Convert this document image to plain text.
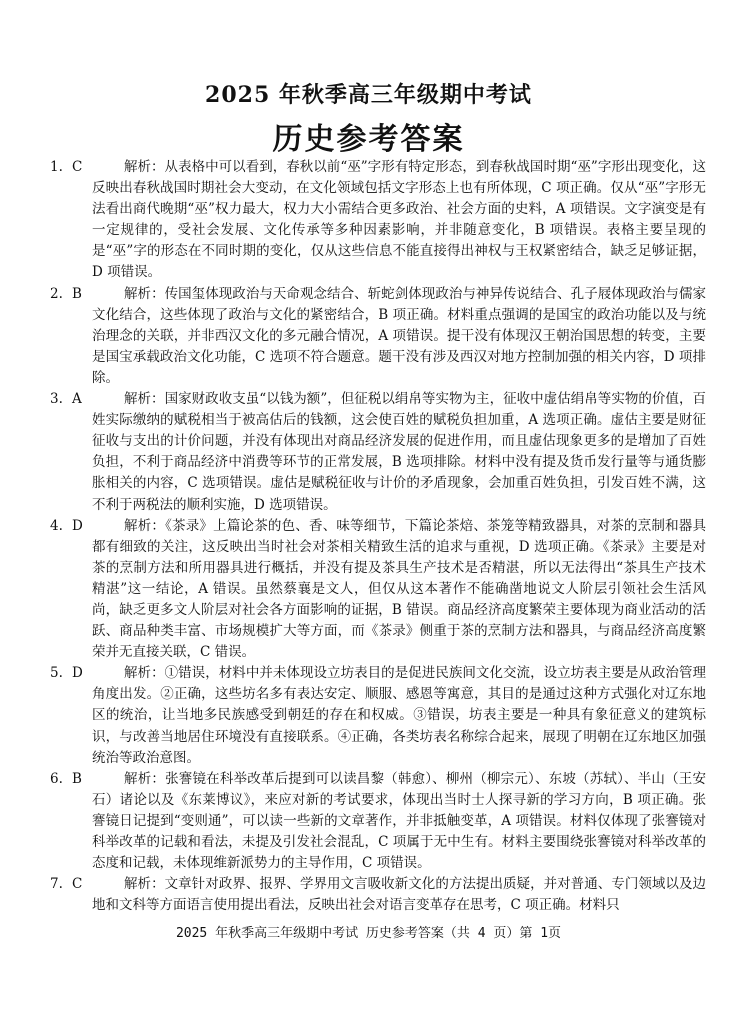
2025 年秋季高三年级期中考试
历史参考答案
1. C	解析：从表格中可以看到，春秋以前“巫”字形有特定形态，到春秋战国时期“巫”字形出现变化，这反映出春秋战国时期社会大变动，在文化领域包括文字形态上也有所体现，C 项正确。仅从“巫”字形无法看出商代晚期“巫”权力最大，权力大小需结合更多政治、社会方面的史料，A 项错误。文字演变是有一定规律的，受社会发展、文化传承等多种因素影响，并非随意变化，B 项错误。表格主要呈现的是“巫”字的形态在不同时期的变化，仅从这些信息不能直接得出神权与王权紧密结合，缺乏足够证据，D 项错误。

2. B	解析：传国玺体现政治与天命观念结合、斩蛇剑体现政治与神异传说结合、孔子屐体现政治与儒家文化结合，这些体现了政治与文化的紧密结合，B 项正确。材料重点强调的是国宝的政治功能以及与统治理念的关联，并非西汉文化的多元融合情况，A 项错误。提干没有体现汉王朝治国思想的转变，主要是国宝承载政治文化功能，C 选项不符合题意。题干没有涉及西汉对地方控制加强的相关内容，D 项排除。

3. A	解析：国家财政收支虽“以钱为额”，但征税以绢帛等实物为主，征收中虚估绢帛等实物的价值，百姓实际缴纳的赋税相当于被高估后的钱额，这会使百姓的赋税负担加重，A 选项正确。虚估主要是财征征收与支出的计价问题，并没有体现出对商品经济发展的促进作用，而且虚估现象更多的是增加了百姓负担，不利于商品经济中消费等环节的正常发展，B 选项排除。材料中没有提及货币发行量等与通货膨胀相关的内容，C 选项错误。虚估是赋税征收与计价的矛盾现象，会加重百姓负担，引发百姓不满，这不利于两税法的顺利实施，D 选项错误。

4. D	解析：《茶录》上篇论茶的色、香、味等细节，下篇论茶焙、茶笼等精致器具，对茶的烹制和器具都有细致的关注，这反映出当时社会对茶相关精致生活的追求与重视，D 选项正确。《茶录》主要是对茶的烹制方法和所用器具进行概括，并没有提及茶具生产技术是否精湛，所以无法得出“茶具生产技术精湛”这一结论，A 错误。虽然蔡襄是文人，但仅从这本著作不能确凿地说文人阶层引领社会生活风尚，缺乏更多文人阶层对社会各方面影响的证据，B 错误。商品经济高度繁荣主要体现为商业活动的活跃、商品种类丰富、市场规模扩大等方面，而《茶录》侧重于茶的烹制方法和器具，与商品经济高度繁荣并无直接关联，C 错误。

5. D	解析：①错误，材料中并未体现设立坊表目的是促进民族间文化交流，设立坊表主要是从政治管理角度出发。②正确，这些坊名多有表达安定、顺服、感恩等寓意，其目的是通过这种方式强化对辽东地区的统治，让当地多民族感受到朝廷的存在和权威。③错误，坊表主要是一种具有象征意义的建筑标识，与改善当地居住环境没有直接联系。④正确，各类坊表名称综合起来，展现了明朝在辽东地区加强统治等政治意图。

6. B	解析：张謇镜在科举改革后提到可以读昌黎（韩愈）、柳州（柳宗元）、东坡（苏轼）、半山（王安石）诸论以及《东莱博议》，来应对新的考试要求，体现出当时士人探寻新的学习方向，B 项正确。张謇镜日记提到“变则通”，可以读一些新的文章著作，并非抵触变革，A 项错误。材料仅体现了张謇镜对科举改革的记载和看法，未提及引发社会混乱，C 项属于无中生有。材料主要围绕张謇镜对科举改革的态度和记载，未体现维新派势力的主导作用，C 项错误。

7. C	解析：文章针对政界、报界、学界用文言吸收新文化的方法提出质疑，并对普通、专门领域以及边地和文科等方面语言使用提出看法，反映出社会对语言变革存在思考，C 项正确。材料只

2025 年秋季高三年级期中考试 历史参考答案（共 4 页）第 1页
